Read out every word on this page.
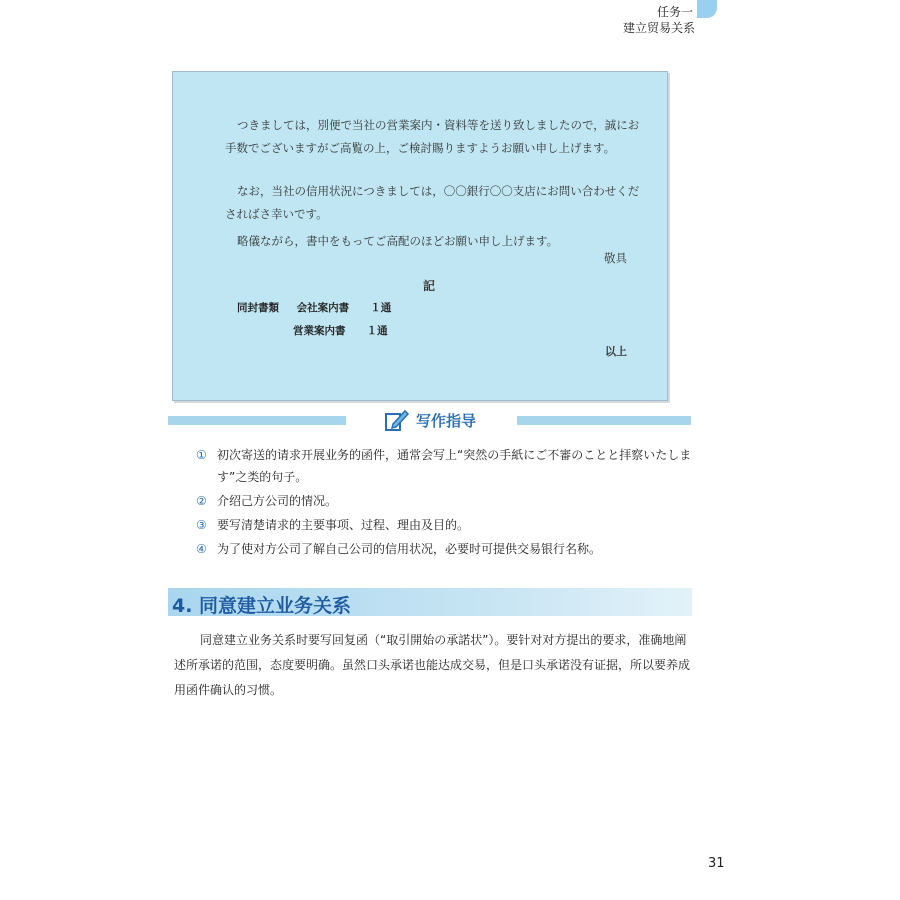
任务一
建立贸易关系
つきましては，別便で当社の営業案内・資料等を送り致しましたので，誠にお手数でございますがご高覧の上，ご検討賜りますようお願い申し上げます。
なお，当社の信用状況につきましては，〇〇銀行〇〇支店にお問い合わせくださればさ幸いです。
略儀ながら，書中をもってご高配のほどお願い申し上げます。
敬具
記
同封書類 会社案内書 １通
営業案内書 １通
以上
写作指导
① 初次寄送的请求开展业务的函件，通常会写上“突然の手紙にご不審のことと拝察いたします”之类的句子。
② 介绍己方公司的情况。
③ 要写清楚请求的主要事项、过程、理由及目的。
④ 为了使对方公司了解自己公司的信用状况，必要时可提供交易银行名称。
4. 同意建立业务关系
同意建立业务关系时要写回复函（“取引開始の承諾状”）。要针对对方提出的要求，准确地阐述所承诺的范围，态度要明确。虽然口头承诺也能达成交易，但是口头承诺没有证据，所以要养成用函件确认的习惯。
31
